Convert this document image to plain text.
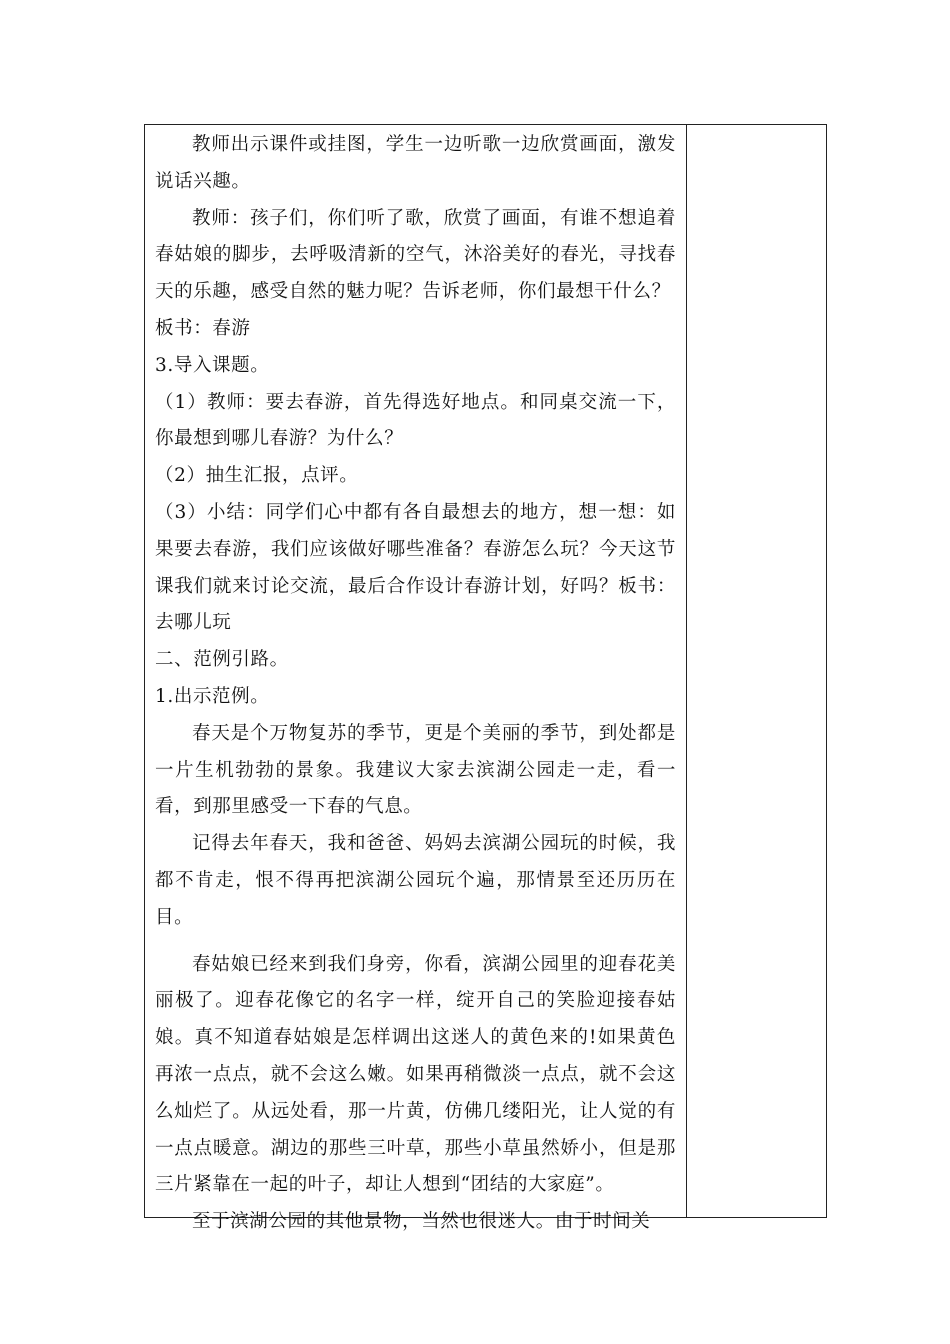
教师出示课件或挂图，学生一边听歌一边欣赏画面，激发说话兴趣。

教师：孩子们，你们听了歌，欣赏了画面，有谁不想追着春姑娘的脚步，去呼吸清新的空气，沐浴美好的春光，寻找春天的乐趣，感受自然的魅力呢？告诉老师，你们最想干什么？

板书：春游

3.导入课题。

（1）教师：要去春游，首先得选好地点。和同桌交流一下，你最想到哪儿春游？为什么？

（2）抽生汇报，点评。

（3）小结：同学们心中都有各自最想去的地方，想一想：如果要去春游，我们应该做好哪些准备？春游怎么玩？今天这节课我们就来讨论交流，最后合作设计春游计划，好吗？板书：去哪儿玩

二、范例引路。

1.出示范例。

春天是个万物复苏的季节，更是个美丽的季节，到处都是一片生机勃勃的景象。我建议大家去滨湖公园走一走，看一看，到那里感受一下春的气息。

记得去年春天，我和爸爸、妈妈去滨湖公园玩的时候，我都不肯走，恨不得再把滨湖公园玩个遍，那情景至还历历在目。

春姑娘已经来到我们身旁，你看，滨湖公园里的迎春花美丽极了。迎春花像它的名字一样，绽开自己的笑脸迎接春姑娘。真不知道春姑娘是怎样调出这迷人的黄色来的!如果黄色再浓一点点，就不会这么嫩。如果再稍微淡一点点，就不会这么灿烂了。从远处看，那一片黄，仿佛几缕阳光，让人觉的有一点点暖意。湖边的那些三叶草，那些小草虽然娇小，但是那三片紧靠在一起的叶子，却让人想到“团结的大家庭”。

至于滨湖公园的其他景物，当然也很迷人。由于时间关
